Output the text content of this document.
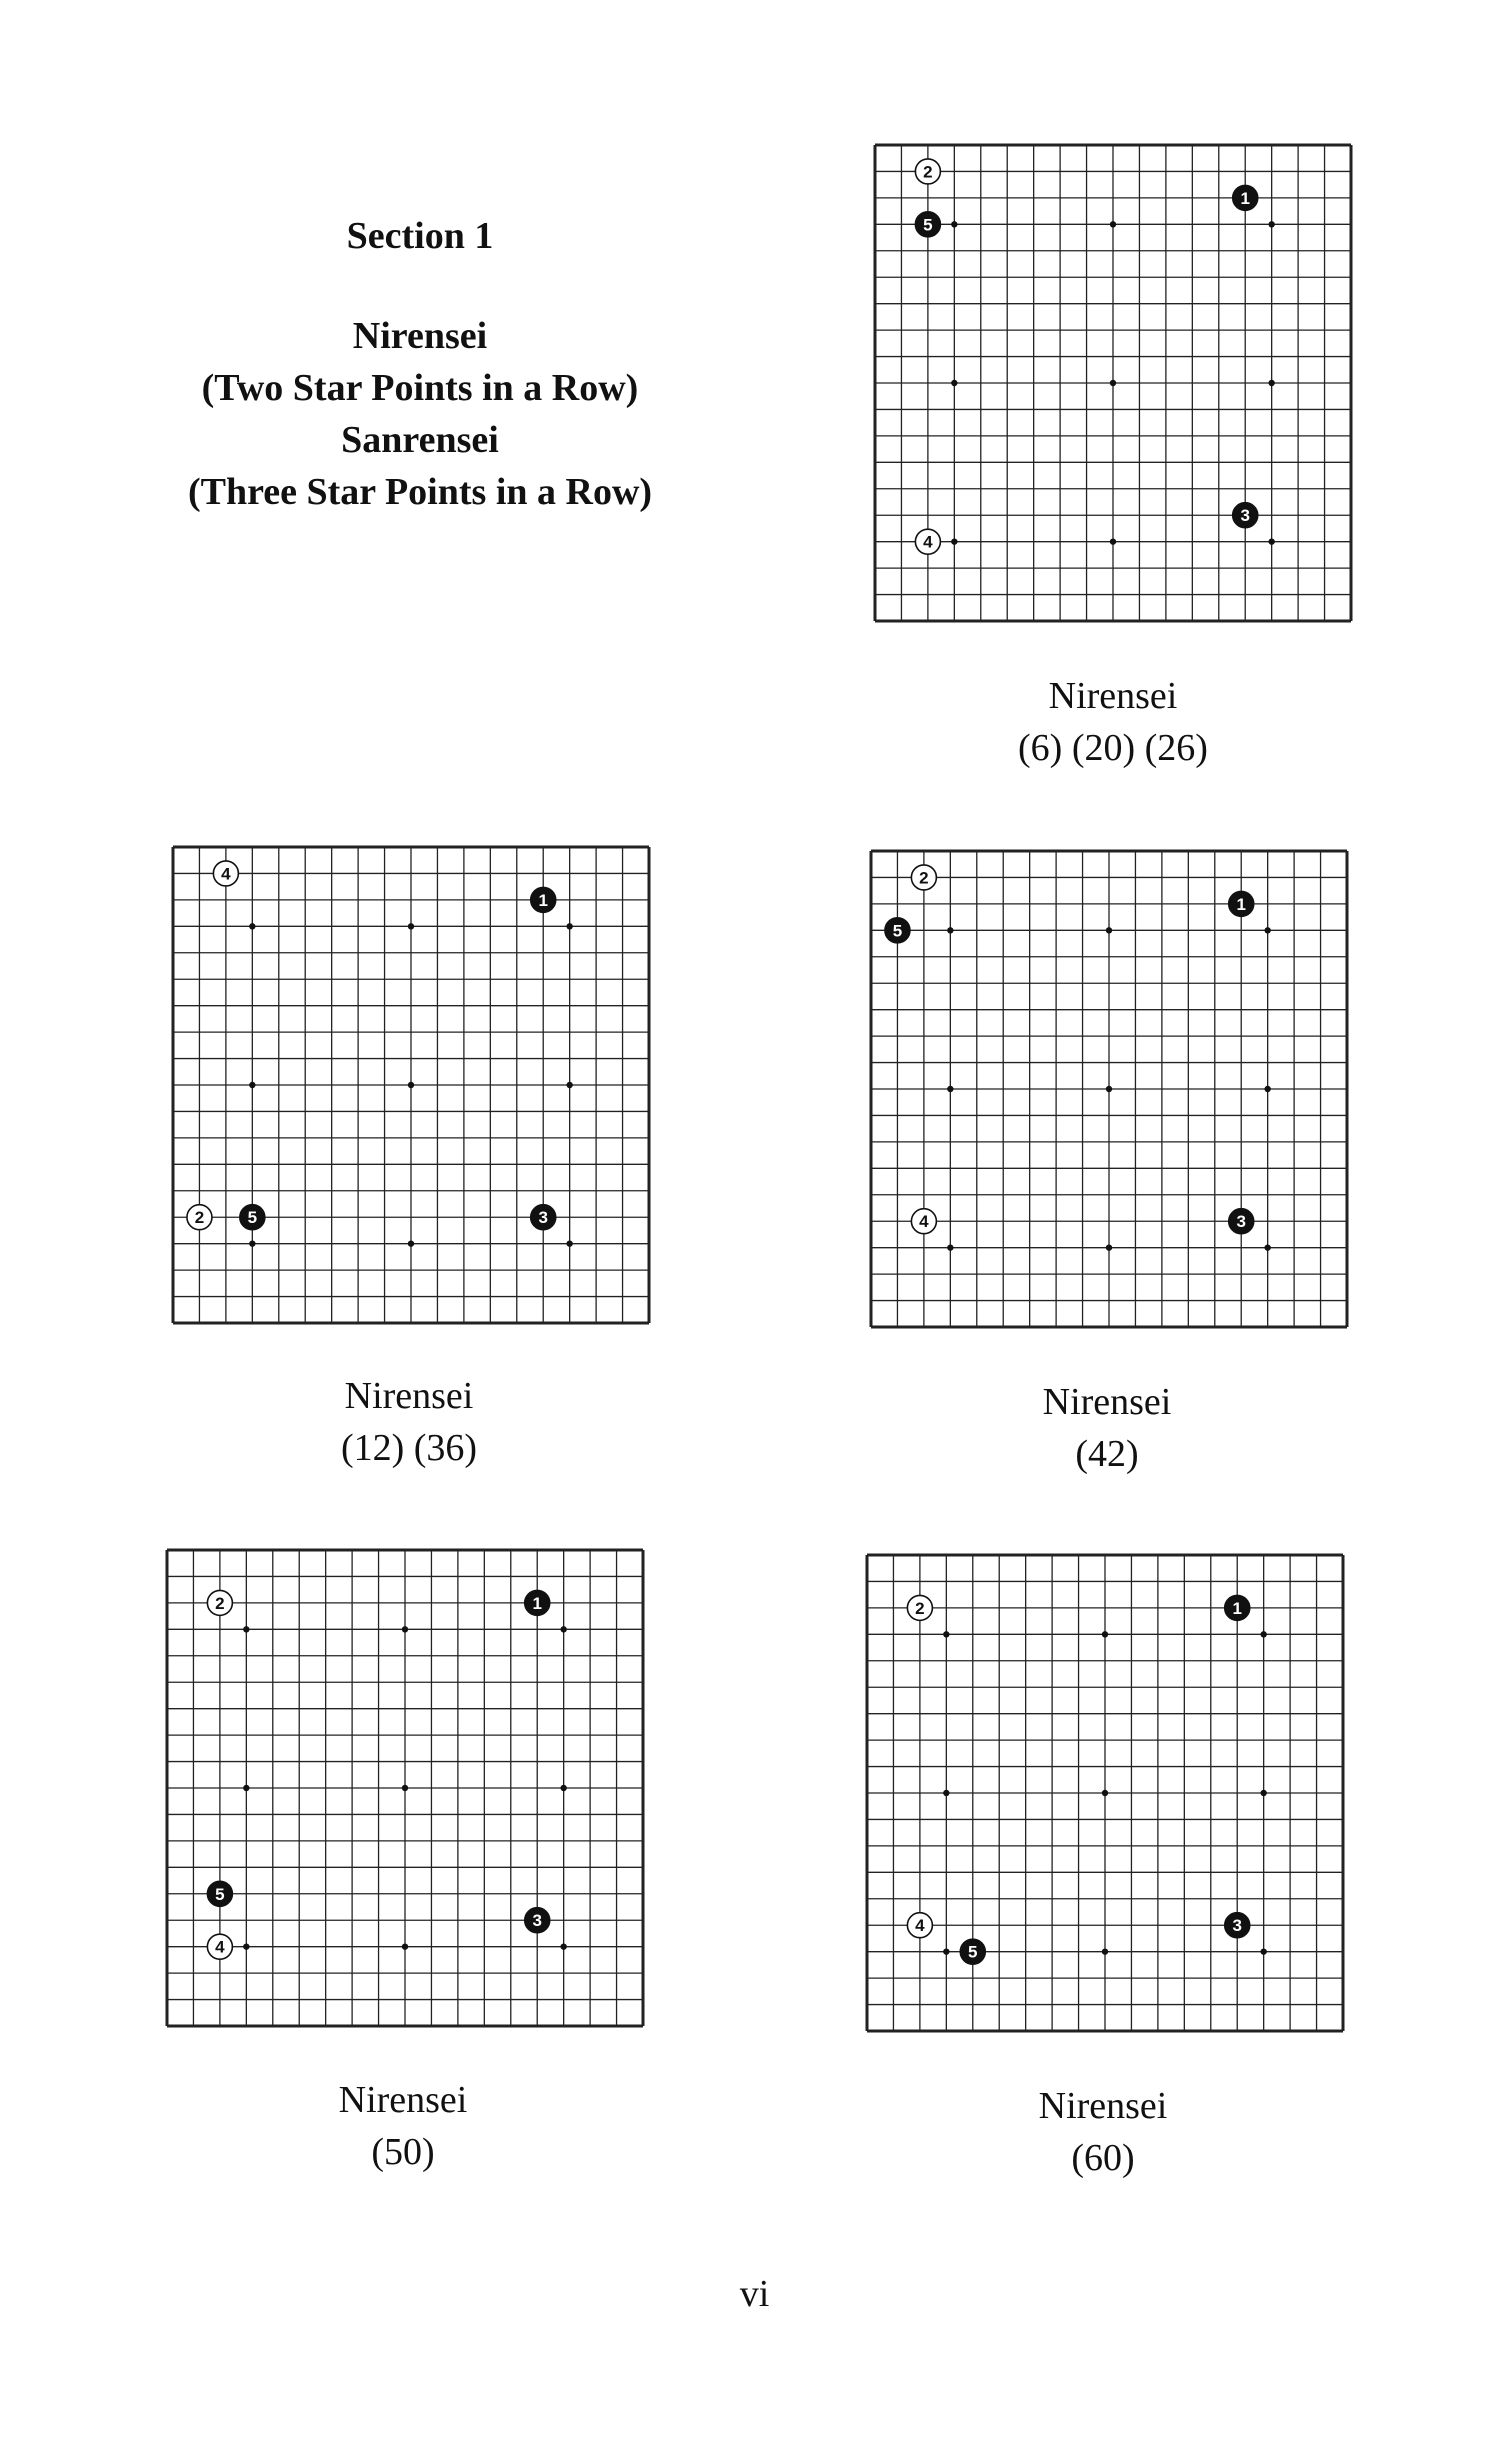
Section 1
Nirensei
(Two Star Points in a Row)
Sanrensei
(Three Star Points in a Row)
1
2
3
4
5
1
2	3
4
5
1
2
3
4
5
1
2
3
4
5
1
2
3
4
5
Nirensei
(6) (20) (26)
Nirensei
(12) (36)
Nirensei
(42)
Nirensei
(50)
Nirensei
(60)
vi
